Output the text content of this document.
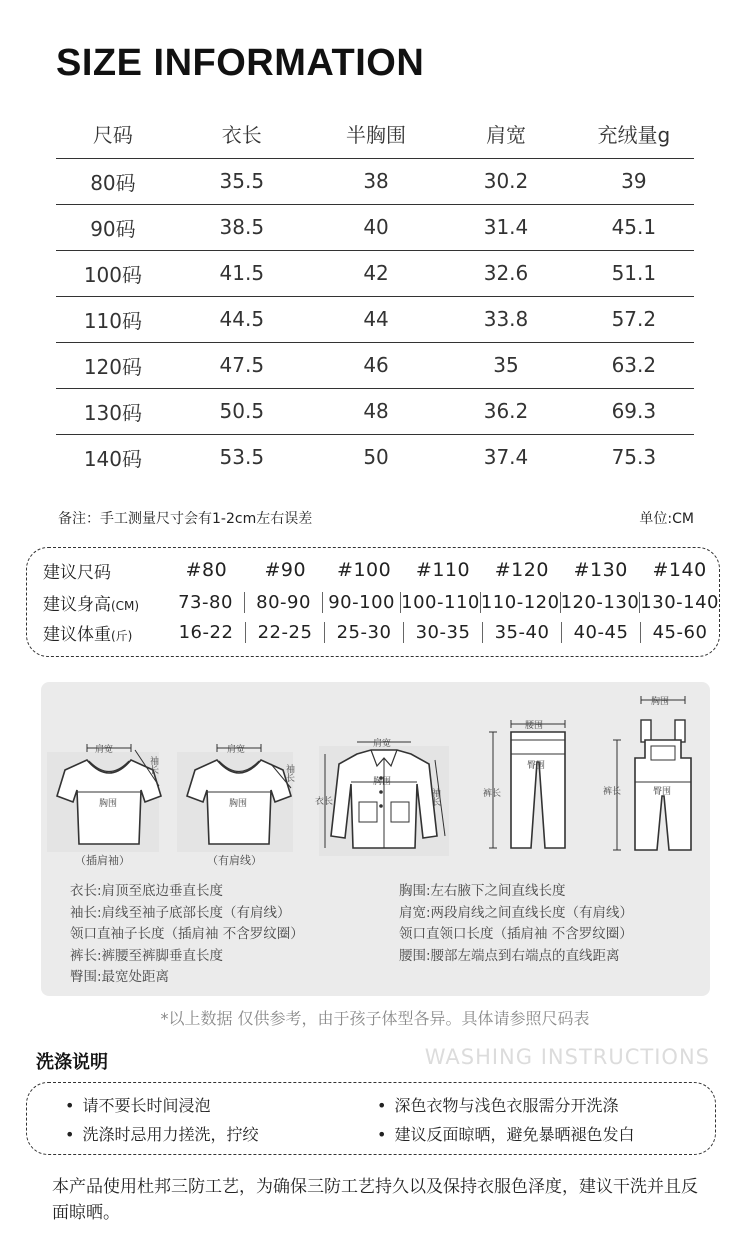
SIZE INFORMATION
尺码	衣长	半胸围	肩宽	充绒量g
80码	35.5	38	30.2	39
90码	38.5	40	31.4	45.1
100码	41.5	42	32.6	51.1
110码	44.5	44	33.8	57.2
120码	47.5	46	35	63.2
130码	50.5	48	36.2	69.3
140码	53.5	50	37.4	75.3
备注：手工测量尺寸会有1-2cm左右误差	单位:CM
建议尺码	#80	#90	#100	#110	#120	#130	#140
建议身高(CM)	73-80	80-90 90-100 100-110 110-120 120-130 130-140
建议体重(斤)	16-22	22-25	25-30	30-35	35-40	40-45	45-60
肩宽
袖长
胸围
（插肩袖）
肩宽
袖长
胸围
（有肩线）
肩宽
衣长
胸围
袖长
腰围
裤长
臀围
胸围
裤长	臀围
衣长:肩顶至底边垂直长度
袖长:肩线至袖子底部长度（有肩线）
领口直袖子长度（插肩袖 不含罗纹圈）
裤长:裤腰至裤脚垂直长度
臀围:最宽处距离
胸围:左右腋下之间直线长度
肩宽:两段肩线之间直线长度（有肩线）
领口直领口长度（插肩袖 不含罗纹圈）
腰围:腰部左端点到右端点的直线距离
*以上数据 仅供参考，由于孩子体型各异。具体请参照尺码表
洗涤说明	WASHING INSTRUCTIONS
• 请不要长时间浸泡	• 深色衣物与浅色衣服需分开洗涤
• 洗涤时忌用力搓洗，拧绞	• 建议反面晾晒，避免暴晒褪色发白
本产品使用杜邦三防工艺，为确保三防工艺持久以及保持衣服色泽度，建议干洗并且反面晾晒。
